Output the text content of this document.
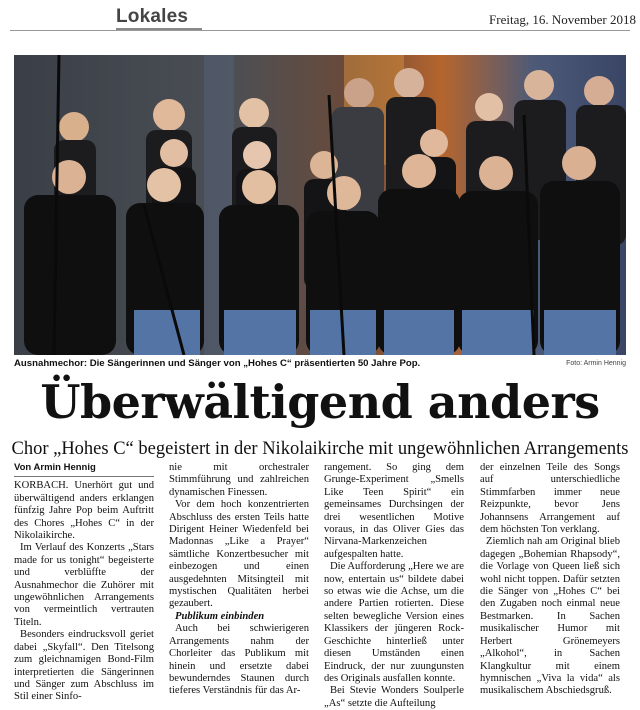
Lokales	Freitag, 16. November 2018
Ausnahmechor: Die Sängerinnen und Sänger von „Hohes C“ präsentierten 50 Jahre Pop.	Foto: Armin Hennig
Überwältigend anders
Chor „Hohes C“ begeistert in der Nikolaikirche mit ungewöhnlichen Arrangements
Von Armin Hennig

KORBACH. Unerhört gut und überwältigend anders erklangen fünfzig Jahre Pop beim Auftritt des Chores „Hohes C“ in der Nikolaikirche.

Im Verlauf des Konzerts „Stars made for us tonight“ begeisterte und verblüffte der Ausnahmechor die Zuhörer mit ungewöhnlichen Arrangements von vermeintlich vertrauten Titeln.

Besonders eindrucksvoll geriet dabei „Skyfall“. Den Titelsong zum gleichnamigen Bond-Film interpretierten die Sängerinnen und Sänger zum Abschluss im Stil einer Sinfo-

nie mit orchestraler Stimmführung und zahlreichen dynamischen Finessen.

Vor dem hoch konzentrierten Abschluss des ersten Teils hatte Dirigent Heiner Wiedenfeld bei Madonnas „Like a Prayer“ sämtliche Konzertbesucher mit einbezogen und einen ausgedehnten Mitsingteil mit mystischen Qualitäten herbei gezaubert.

Publikum einbinden

Auch bei schwierigeren Arrangements nahm der Chorleiter das Publikum mit hinein und ersetzte dabei bewunderndes Staunen durch tieferes Verständnis für das Ar-

rangement. So ging dem Grunge-Experiment „Smells Like Teen Spirit“ ein gemeinsames Durchsingen der drei wesentlichen Motive voraus, in das Oliver Gies das Nirvana-Markenzeichen aufgespalten hatte.

Die Aufforderung „Here we are now, entertain us“ bildete dabei so etwas wie die Achse, um die andere Partien rotierten. Diese selten bewegliche Version eines Klassikers der jüngeren Rock-Geschichte hinterließ unter diesen Umständen einen Eindruck, der nur zuungunsten des Originals ausfallen konnte.

Bei Stevie Wonders Soulperle „As“ setzte die Aufteilung

der einzelnen Teile des Songs auf unterschiedliche Stimmfarben immer neue Reizpunkte, bevor Jens Johannsens Arrangement auf dem höchsten Ton verklang.

Ziemlich nah am Original blieb dagegen „Bohemian Rhapsody“, die Vorlage von Queen ließ sich wohl nicht toppen. Dafür setzten die Sänger von „Hohes C“ bei den Zugaben noch einmal neue Bestmarken. In Sachen musikalischer Humor mit Herbert Grönemeyers „Alkohol“, in Sachen Klangkultur mit einem hymnischen „Viva la vida“ als musikalischem Abschiedsgruß.
